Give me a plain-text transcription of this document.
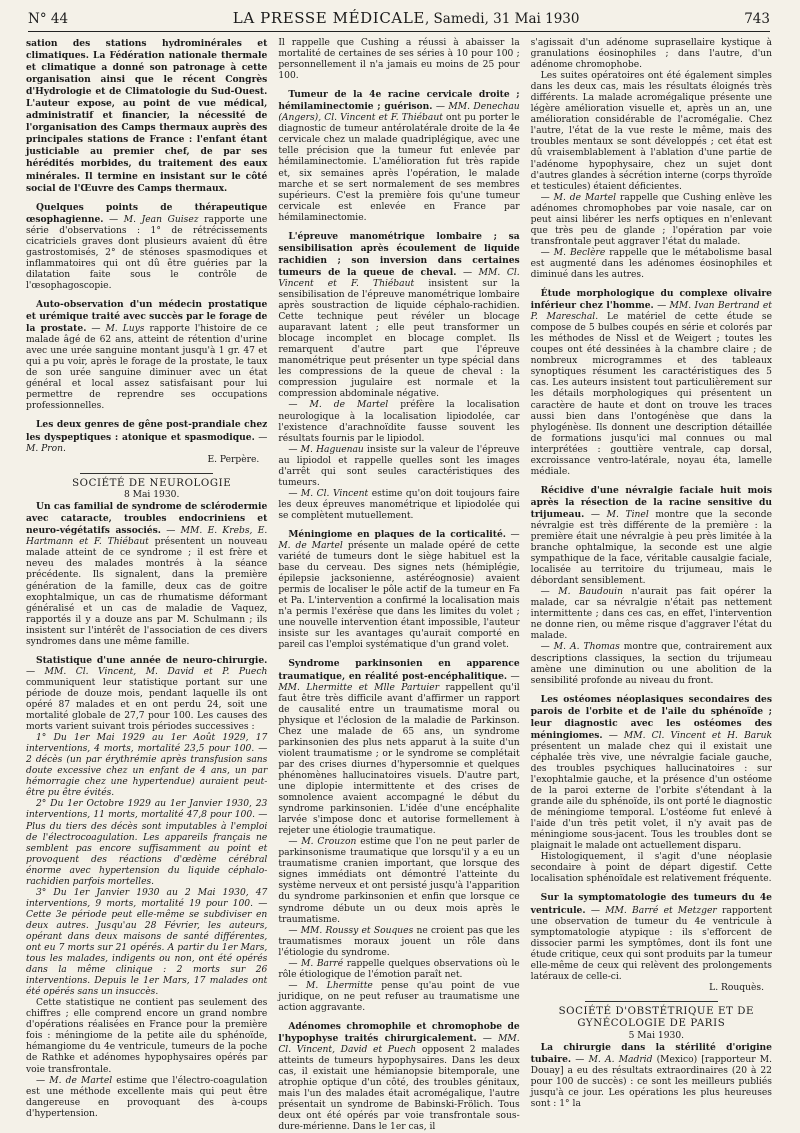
N° 44	LA PRESSE MÉDICALE, Samedi, 31 Mai 1930	743

sation des stations hydrominérales et climatiques. La Fédération nationale thermale et climatique a donné son patronage à cette organisation ainsi que le récent Congrès d'Hydrologie et de Climatologie du Sud-Ouest. L'auteur expose, au point de vue médical, administratif et financier, la nécessité de l'organisation des Camps thermaux auprès des principales stations de France : l'enfant étant justiciable au premier chef, de par ses hérédités morbides, du traitement des eaux minérales. Il termine en insistant sur le côté social de l'Œuvre des Camps thermaux.

Quelques points de thérapeutique œsophagienne. — M. Jean Guisez rapporte une série d'observations : 1° de rétrécissements cicatriciels graves dont plusieurs avaient dû être gastrostomisés, 2° de sténoses spasmodiques et inflammatoires qui ont dû être guéries par la dilatation faite sous le contrôle de l'œsophagoscopie.

Auto-observation d'un médecin prostatique et urémique traité avec succès par le forage de la prostate. — M. Luys rapporte l'histoire de ce malade âgé de 62 ans, atteint de rétention d'urine avec une urée sanguine montant jusqu'à 1 gr. 47 et qui a pu voir, après le forage de la prostate, le taux de son urée sanguine diminuer avec un état général et local assez satisfaisant pour lui permettre de reprendre ses occupations professionnelles.

Les deux genres de gêne post-prandiale chez les dyspeptiques : atonique et spasmodique. — M. Pron.

E. Perpère.

SOCIÉTÉ DE NEUROLOGIE

8 Mai 1930.

Un cas familial de syndrome de sclérodermie avec cataracte, troubles endocriniens et neuro-végétatifs associés. — MM. E. Krebs, E. Hartmann et F. Thiébaut présentent un nouveau malade atteint de ce syndrome ; il est frère et neveu des malades montrés à la séance précédente. Ils signalent, dans la première génération de la famille, deux cas de goitre exophtalmique, un cas de rhumatisme déformant généralisé et un cas de maladie de Vaquez, rapportés il y a douze ans par M. Schulmann ; ils insistent sur l'intérêt de l'association de ces divers syndromes dans une même famille.

Statistique d'une année de neuro-chirurgie. — MM. Cl. Vincent, M. David et P. Puech communiquent leur statistique portant sur une période de douze mois, pendant laquelle ils ont opéré 87 malades et en ont perdu 24, soit une mortalité globale de 27,7 pour 100. Les causes des morts varient suivant trois périodes successives :

1° Du 1er Mai 1929 au 1er Août 1929, 17 interventions, 4 morts, mortalité 23,5 pour 100. — 2 décès (un par érythrémie après transfusion sans doute excessive chez un enfant de 4 ans, un par hémorragie chez une hypertendue) auraient peut-être pu être évités.

2° Du 1er Octobre 1929 au 1er Janvier 1930, 23 interventions, 11 morts, mortalité 47,8 pour 100. — Plus du tiers des décès sont imputables à l'emploi de l'électrocoagulation. Les appareils français ne semblent pas encore suffisamment au point et provoquent des réactions d'œdème cérébral énorme avec hypertension du liquide céphalo-rachidien parfois mortelles.

3° Du 1er Janvier 1930 au 2 Mai 1930, 47 interventions, 9 morts, mortalité 19 pour 100. — Cette 3e période peut elle-même se subdiviser en deux autres. Jusqu'au 28 Février, les auteurs, opérant dans deux maisons de santé différentes, ont eu 7 morts sur 21 opérés. A partir du 1er Mars, tous les malades, indigents ou non, ont été opérés dans la même clinique : 2 morts sur 26 interventions. Depuis le 1er Mars, 17 malades ont été opérés sans un insuccès.

Cette statistique ne contient pas seulement des chiffres ; elle comprend encore un grand nombre d'opérations réalisées en France pour la première fois : méningiome de la petite aile du sphénoïde, hémangiome du 4e ventricule, tumeurs de la poche de Rathke et adénomes hypophysaires opérés par voie transfrontale.

— M. de Martel estime que l'électro-coagulation est une méthode excellente mais qui peut être dangereuse en provoquant des à-coups d'hypertension.

Il rappelle que Cushing a réussi à abaisser la mortalité de certaines de ses séries à 10 pour 100 ; personnellement il n'a jamais eu moins de 25 pour 100.

Tumeur de la 4e racine cervicale droite ; hémilaminectomie ; guérison. — MM. Denechau (Angers), Cl. Vincent et F. Thiébaut ont pu porter le diagnostic de tumeur antérolatérale droite de la 4e cervicale chez un malade quadriplégique, avec une telle précision que la tumeur fut enlevée par hémilaminectomie. L'amélioration fut très rapide et, six semaines après l'opération, le malade marche et se sert normalement de ses membres supérieurs. C'est la première fois qu'une tumeur cervicale est enlevée en France par hémilaminectomie.

L'épreuve manométrique lombaire ; sa sensibilisation après écoulement de liquide rachidien ; son inversion dans certaines tumeurs de la queue de cheval. — MM. Cl. Vincent et F. Thiébaut insistent sur la sensibilisation de l'épreuve manométrique lombaire après soustraction de liquide céphalo-rachidien. Cette technique peut révéler un blocage auparavant latent ; elle peut transformer un blocage incomplet en blocage complet. Ils remarquent d'autre part que l'épreuve manométrique peut présenter un type spécial dans les compressions de la queue de cheval : la compression jugulaire est normale et la compression abdominale négative.

— M. de Martel préfère la localisation neurologique à la localisation lipiodolée, car l'existence d'arachnoïdite fausse souvent les résultats fournis par le lipiodol.

— M. Haguenau insiste sur la valeur de l'épreuve au lipiodol et rappelle quelles sont les images d'arrêt qui sont seules caractéristiques des tumeurs.

— M. Cl. Vincent estime qu'on doit toujours faire les deux épreuves manométrique et lipiodolée qui se complètent mutuellement.

Méningiome en plaques de la corticalité. — M. de Martel présente un malade opéré de cette variété de tumeurs dont le siège habituel est la base du cerveau. Des signes nets (hémiplégie, épilepsie jacksonienne, astéréognosie) avaient permis de localiser le pôle actif de la tumeur en Fa et Pa. L'intervention a confirmé la localisation mais n'a permis l'exérèse que dans les limites du volet ; une nouvelle intervention étant impossible, l'auteur insiste sur les avantages qu'aurait comporté en pareil cas l'emploi systématique d'un grand volet.

Syndrome parkinsonien en apparence traumatique, en réalité post-encéphalitique. — MM. Lhermitte et Mlle Partuier rappellent qu'il faut être très difficile avant d'affirmer un rapport de causalité entre un traumatisme moral ou physique et l'éclosion de la maladie de Parkinson. Chez une malade de 65 ans, un syndrome parkinsonien des plus nets apparut à la suite d'un violent traumatisme ; or le syndrome se complétait par des crises diurnes d'hypersomnie et quelques phénomènes hallucinatoires visuels. D'autre part, une diplopie intermittente et des crises de somnolence avaient accompagné le début du syndrome parkinsonien. L'idée d'une encéphalite larvée s'impose donc et autorise formellement à rejeter une étiologie traumatique.

— M. Crouzon estime que l'on ne peut parler de parkinsonisme traumatique que lorsqu'il y a eu un traumatisme cranien important, que lorsque des signes immédiats ont démontré l'atteinte du système nerveux et ont persisté jusqu'à l'apparition du syndrome parkinsonien et enfin que lorsque ce syndrome débute un ou deux mois après le traumatisme.

— MM. Roussy et Souques ne croient pas que les traumatismes moraux jouent un rôle dans l'étiologie du syndrome.

— M. Barré rappelle quelques observations où le rôle étiologique de l'émotion paraît net.

— M. Lhermitte pense qu'au point de vue juridique, on ne peut refuser au traumatisme une action aggravante.

Adénomes chromophile et chromophobe de l'hypophyse traités chirurgicalement. — MM. Cl. Vincent, David et Puech opposent 2 malades atteints de tumeurs hypophysaires. Dans les deux cas, il existait une hémianopsie bitemporale, une atrophie optique d'un côté, des troubles génitaux, mais l'un des malades était acromégalique, l'autre présentait un syndrome de Babinski-Frölich. Tous deux ont été opérés par voie transfrontale sous-dure-mérienne. Dans le 1er cas, il

s'agissait d'un adénome suprasellaire kystique à granulations éosinophiles ; dans l'autre, d'un adénome chromophobe.

Les suites opératoires ont été également simples dans les deux cas, mais les résultats éloignés très différents. La malade acromégalique présente une légère amélioration visuelle et, après un an, une amélioration considérable de l'acromégalie. Chez l'autre, l'état de la vue reste le même, mais des troubles mentaux se sont développés ; cet état est dû vraisemblablement à l'ablation d'une partie de l'adénome hypophysaire, chez un sujet dont d'autres glandes à sécrétion interne (corps thyroïde et testicules) étaient déficientes.

— M. de Martel rappelle que Cushing enlève les adénomes chromophobes par voie nasale, car on peut ainsi libérer les nerfs optiques en n'enlevant que très peu de glande ; l'opération par voie transfrontale peut aggraver l'état du malade.

— M. Beclère rappelle que le métabolisme basal est augmenté dans les adénomes éosinophiles et diminué dans les autres.

Étude morphologique du complexe olivaire inférieur chez l'homme. — MM. Ivan Bertrand et P. Mareschal. Le matériel de cette étude se compose de 5 bulbes coupés en série et colorés par les méthodes de Nissl et de Weigert ; toutes les coupes ont été dessinées à la chambre claire ; de nombreux microgrammes et des tableaux synoptiques résument les caractéristiques des 5 cas. Les auteurs insistent tout particulièrement sur les détails morphologiques qui présentent un caractère de haute et dont on trouve les traces aussi bien dans l'ontogénèse que dans la phylogénèse. Ils donnent une description détaillée de formations jusqu'ici mal connues ou mal interprétées : gouttière ventrale, cap dorsal, excroissance ventro-latérale, noyau éta, lamelle médiale.

Récidive d'une névralgie faciale huit mois après la résection de la racine sensitive du trijumeau. — M. Tinel montre que la seconde névralgie est très différente de la première : la première était une névralgie à peu près limitée à la branche ophtalmique, la seconde est une algie sympathique de la face, véritable causalgie faciale, localisée au territoire du trijumeau, mais le débordant sensiblement.

— M. Baudouin n'aurait pas fait opérer la malade, car sa névralgie n'était pas nettement intermittente ; dans ces cas, en effet, l'intervention ne donne rien, ou même risque d'aggraver l'état du malade.

— M. A. Thomas montre que, contrairement aux descriptions classiques, la section du trijumeau amène une diminution ou une abolition de la sensibilité profonde au niveau du front.

Les ostéomes néoplasiques secondaires des parois de l'orbite et de l'aile du sphénoïde ; leur diagnostic avec les ostéomes des méningiomes. — MM. Cl. Vincent et H. Baruk présentent un malade chez qui il existait une céphalée très vive, une névralgie faciale gauche, des troubles psychiques hallucinatoires : sur l'exophtalmie gauche, et la présence d'un ostéome de la paroi externe de l'orbite s'étendant à la grande aile du sphénoïde, ils ont porté le diagnostic de méningiome temporal. L'ostéome fut enlevé à l'aide d'un très petit volet, il n'y avait pas de méningiome sous-jacent. Tous les troubles dont se plaignait le malade ont actuellement disparu.

Histologiquement, il s'agit d'une néoplasie secondaire à point de départ digestif. Cette localisation sphénoïdale est relativement fréquente.

Sur la symptomatologie des tumeurs du 4e ventricule. — MM. Barré et Metzger rapportent une observation de tumeur du 4e ventricule à symptomatologie atypique : ils s'efforcent de dissocier parmi les symptômes, dont ils font une étude critique, ceux qui sont produits par la tumeur elle-même de ceux qui relèvent des prolongements latéraux de celle-ci.

L. Rouquès.

SOCIÉTÉ D'OBSTÉTRIQUE ET DE GYNÉCOLOGIE DE PARIS

5 Mai 1930.

La chirurgie dans la stérilité d'origine tubaire. — M. A. Madrid (Mexico) [rapporteur M. Douay] a eu des résultats extraordinaires (20 à 22 pour 100 de succès) : ce sont les meilleurs publiés jusqu'à ce jour. Les opérations les plus heureuses sont : 1° la
